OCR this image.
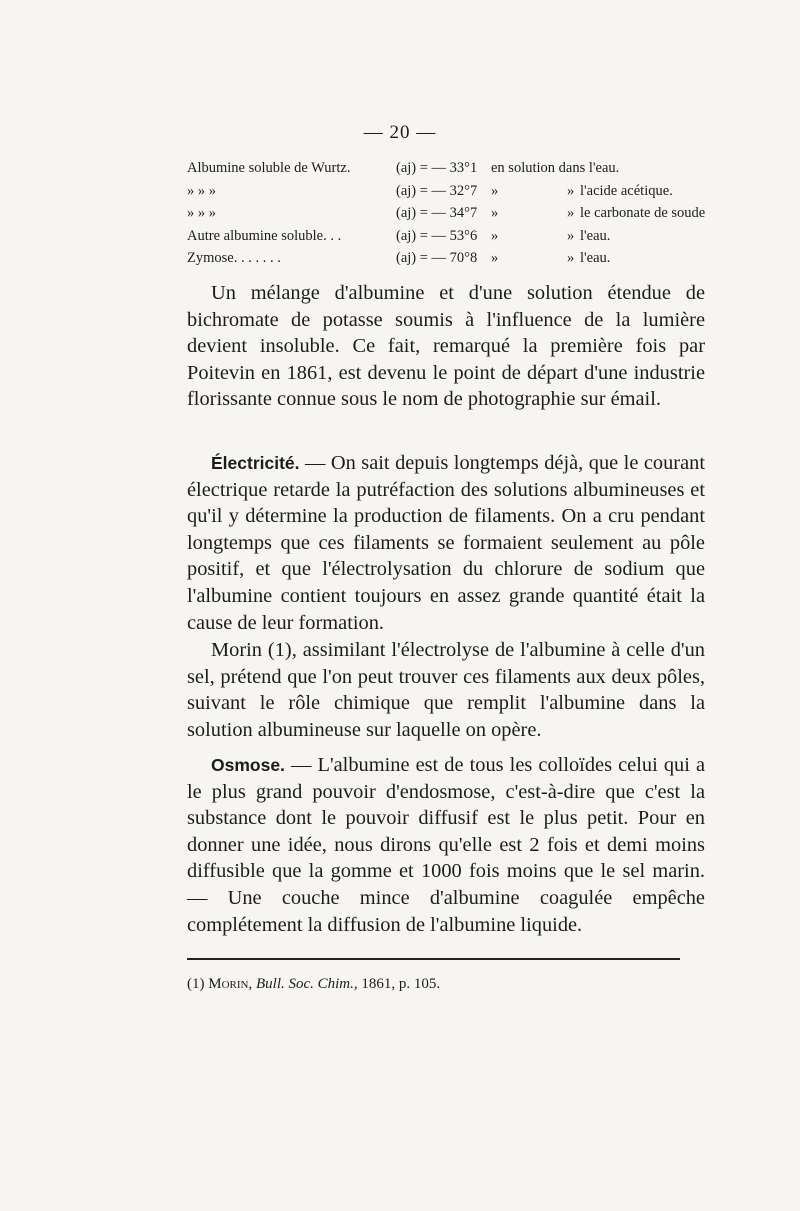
— 20 —
Albumine soluble de Wurtz.	(aj) = — 33°1 en solution dans l'eau.
» » »	(aj) = — 32°7 »	» l'acide acétique.
» » »	(aj) = — 34°7 »	» le carbonate de soude
Autre albumine soluble. . .	(aj) = — 53°6 »	» l'eau.
Zymose. . . . . . .	(aj) = — 70°8 »	» l'eau.

Un mélange d'albumine et d'une solution étendue de bichromate de potasse soumis à l'influence de la lumière devient insoluble. Ce fait, remarqué la première fois par Poitevin en 1861, est devenu le point de départ d'une industrie florissante connue sous le nom de photographie sur émail.

Électricité. — On sait depuis longtemps déjà, que le courant électrique retarde la putréfaction des solutions albumineuses et qu'il y détermine la production de filaments. On a cru pendant longtemps que ces filaments se formaient seulement au pôle positif, et que l'électrolysation du chlorure de sodium que l'albumine contient toujours en assez grande quantité était la cause de leur formation.

Morin (1), assimilant l'électrolyse de l'albumine à celle d'un sel, prétend que l'on peut trouver ces filaments aux deux pôles, suivant le rôle chimique que remplit l'albumine dans la solution albumineuse sur laquelle on opère.

Osmose. — L'albumine est de tous les colloïdes celui qui a le plus grand pouvoir d'endosmose, c'est-à-dire que c'est la substance dont le pouvoir diffusif est le plus petit. Pour en donner une idée, nous dirons qu'elle est 2 fois et demi moins diffusible que la gomme et 1000 fois moins que le sel marin. — Une couche mince d'albumine coagulée empêche complétement la diffusion de l'albumine liquide.

(1) Morin, Bull. Soc. Chim., 1861, p. 105.
